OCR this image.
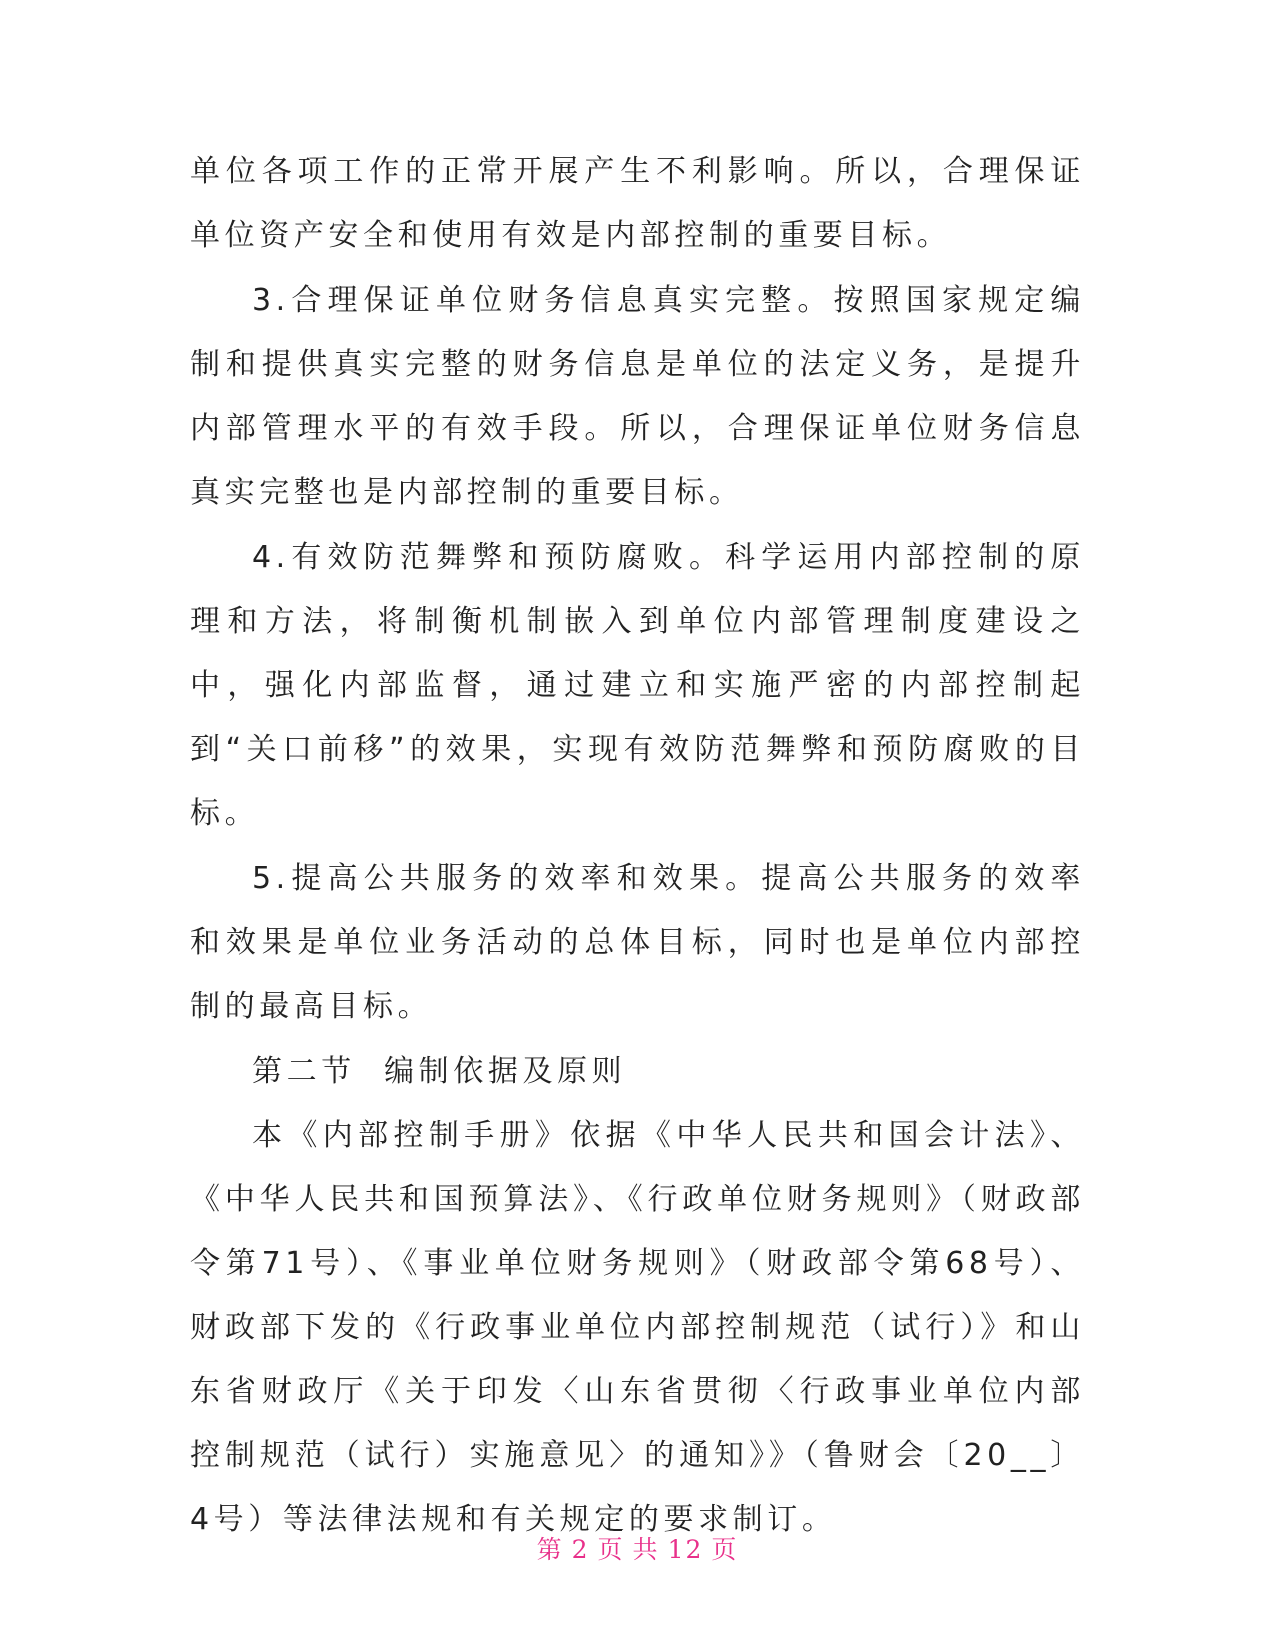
单位各项工作的正常开展产生不利影响。所以，合理保证单位资产安全和使用有效是内部控制的重要目标。

3.合理保证单位财务信息真实完整。按照国家规定编制和提供真实完整的财务信息是单位的法定义务，是提升内部管理水平的有效手段。所以，合理保证单位财务信息真实完整也是内部控制的重要目标。

4.有效防范舞弊和预防腐败。科学运用内部控制的原理和方法，将制衡机制嵌入到单位内部管理制度建设之中，强化内部监督，通过建立和实施严密的内部控制起到“关口前移”的效果，实现有效防范舞弊和预防腐败的目标。

5.提高公共服务的效率和效果。提高公共服务的效率和效果是单位业务活动的总体目标，同时也是单位内部控制的最高目标。

第二节  编制依据及原则

本《内部控制手册》依据《中华人民共和国会计法》、《中华人民共和国预算法》、《行政单位财务规则》（财政部令第71号）、《事业单位财务规则》（财政部令第68号）、财政部下发的《行政事业单位内部控制规范（试行）》和山东省财政厅《关于印发〈山东省贯彻〈行政事业单位内部控制规范（试行）实施意见〉的通知》》（鲁财会〔20__〕4号）等法律法规和有关规定的要求制订。

第 2 页 共 12 页
